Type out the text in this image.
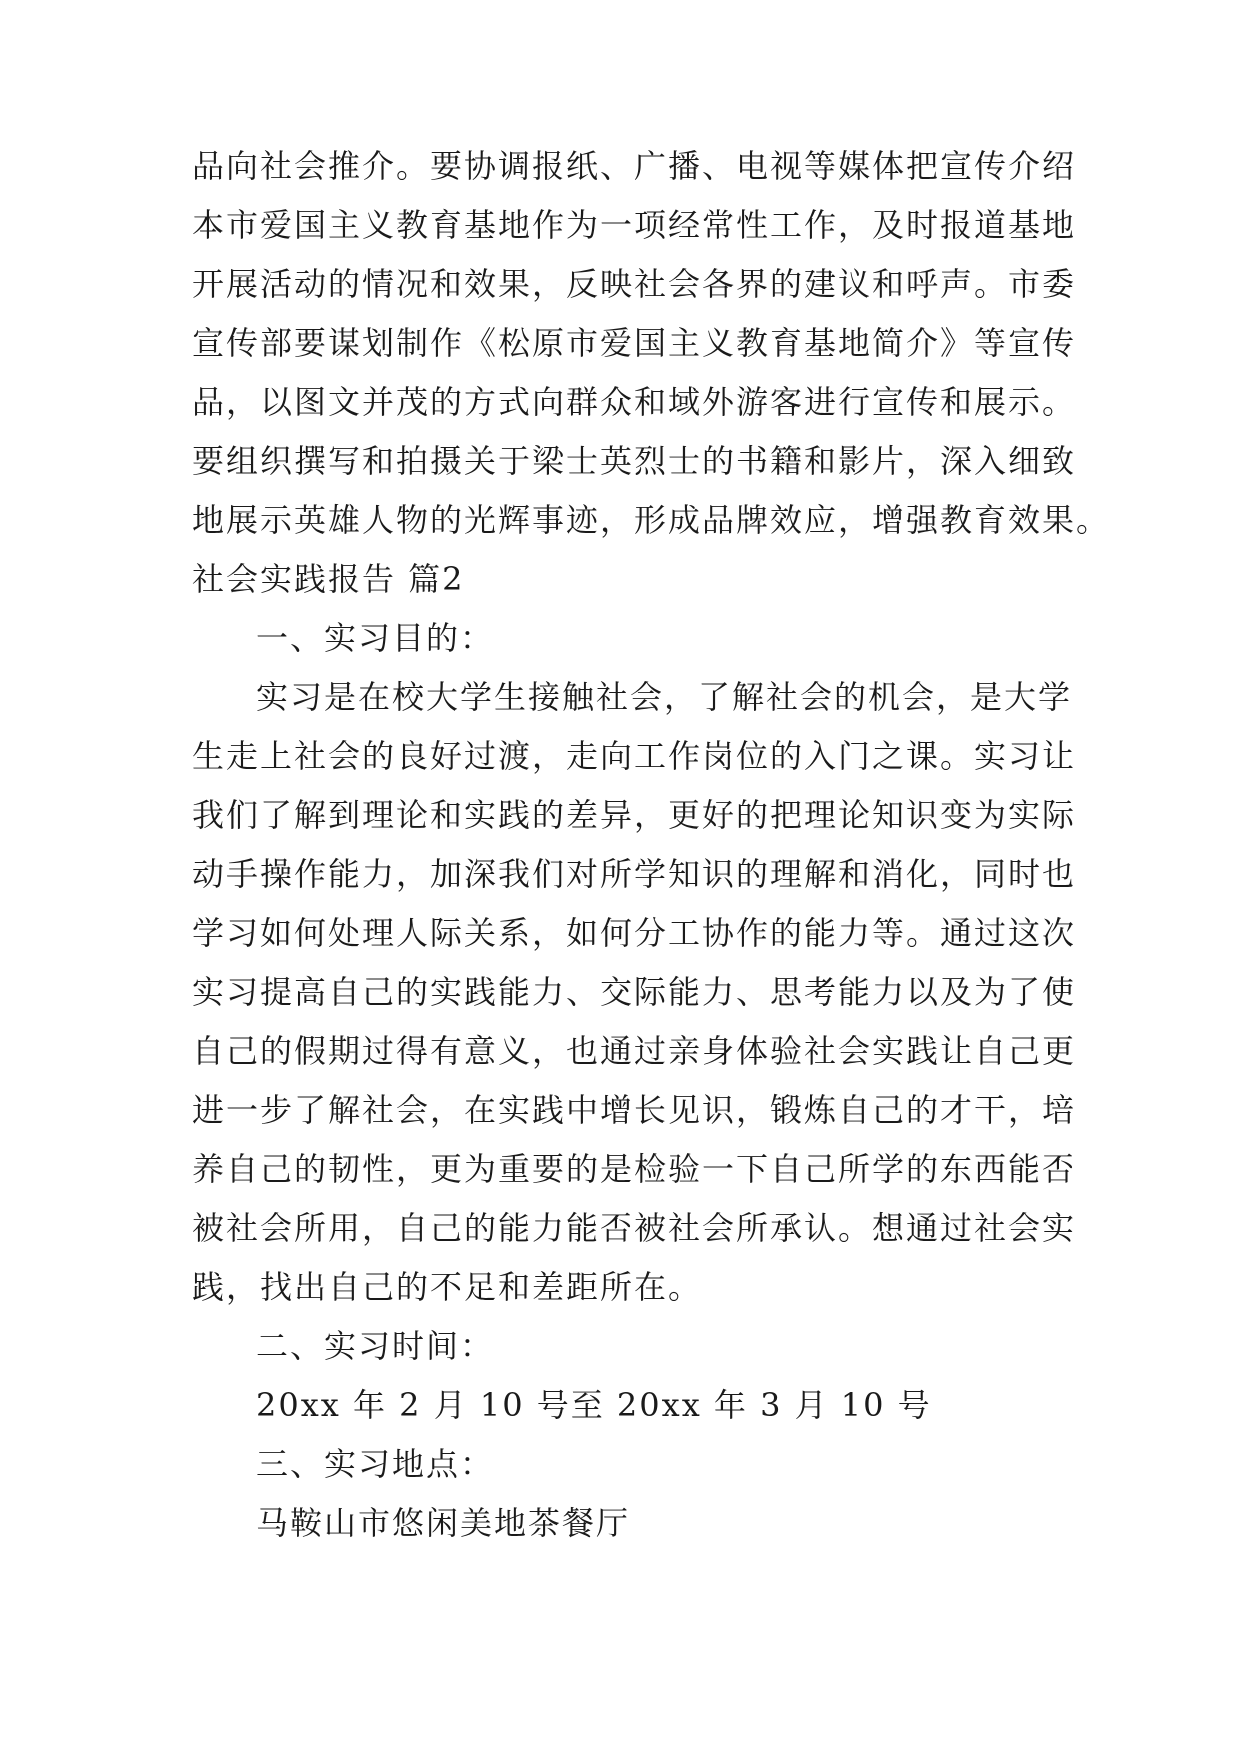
品向社会推介。要协调报纸、广播、电视等媒体把宣传介绍
本市爱国主义教育基地作为一项经常性工作，及时报道基地
开展活动的情况和效果，反映社会各界的建议和呼声。市委
宣传部要谋划制作《松原市爱国主义教育基地简介》等宣传
品，以图文并茂的方式向群众和域外游客进行宣传和展示。
要组织撰写和拍摄关于梁士英烈士的书籍和影片，深入细致
地展示英雄人物的光辉事迹，形成品牌效应，增强教育效果。
社会实践报告 篇2
一、实习目的：
实习是在校大学生接触社会，了解社会的机会，是大学
生走上社会的良好过渡，走向工作岗位的入门之课。实习让
我们了解到理论和实践的差异，更好的把理论知识变为实际
动手操作能力，加深我们对所学知识的理解和消化，同时也
学习如何处理人际关系，如何分工协作的能力等。通过这次
实习提高自己的实践能力、交际能力、思考能力以及为了使
自己的假期过得有意义，也通过亲身体验社会实践让自己更
进一步了解社会，在实践中增长见识，锻炼自己的才干，培
养自己的韧性，更为重要的是检验一下自己所学的东西能否
被社会所用，自己的能力能否被社会所承认。想通过社会实
践，找出自己的不足和差距所在。
二、实习时间：
20xx 年 2 月 10 号至 20xx 年 3 月 10 号
三、实习地点：
马鞍山市悠闲美地茶餐厅
